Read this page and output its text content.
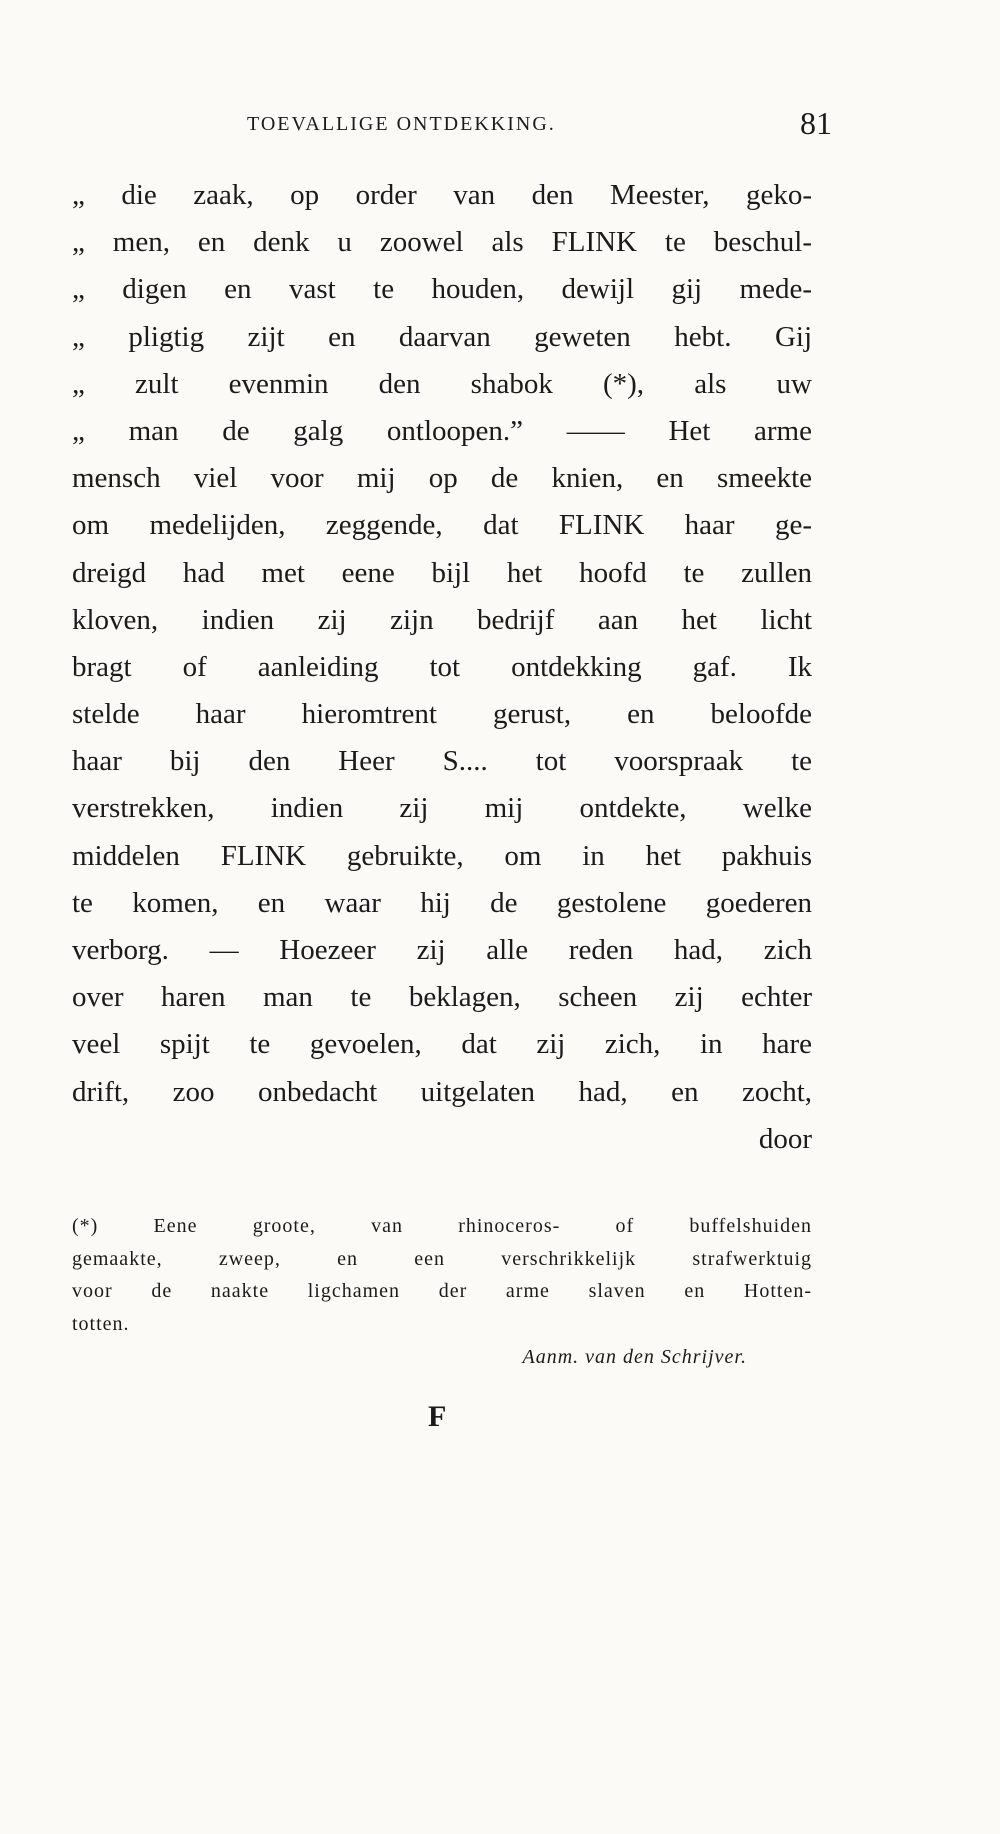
TOEVALLIGE ONTDEKKING.	81
„ die zaak, op order van den Meester, geko-
„ men, en denk u zoowel als FLINK te beschul-
„ digen en vast te houden, dewijl gij mede-
„ pligtig zijt en daarvan geweten hebt. Gij
„ zult evenmin den shabok (*), als uw
„ man de galg ontloopen.” —— Het arme
mensch viel voor mij op de knien, en smeekte
om medelijden, zeggende, dat FLINK haar ge-
dreigd had met eene bijl het hoofd te zullen
kloven, indien zij zijn bedrijf aan het licht
bragt of aanleiding tot ontdekking gaf. Ik
stelde haar hieromtrent gerust, en beloofde
haar bij den Heer S.... tot voorspraak te
verstrekken, indien zij mij ontdekte, welke
middelen FLINK gebruikte, om in het pakhuis
te komen, en waar hij de gestolene goederen
verborg. — Hoezeer zij alle reden had, zich
over haren man te beklagen, scheen zij echter
veel spijt te gevoelen, dat zij zich, in hare
drift, zoo onbedacht uitgelaten had, en zocht,
door
(*) Eene groote, van rhinoceros- of buffelshuiden
gemaakte, zweep, en een verschrikkelijk strafwerktuig
voor de naakte ligchamen der arme slaven en Hotten-
totten.
Aanm. van den Schrijver.
F
